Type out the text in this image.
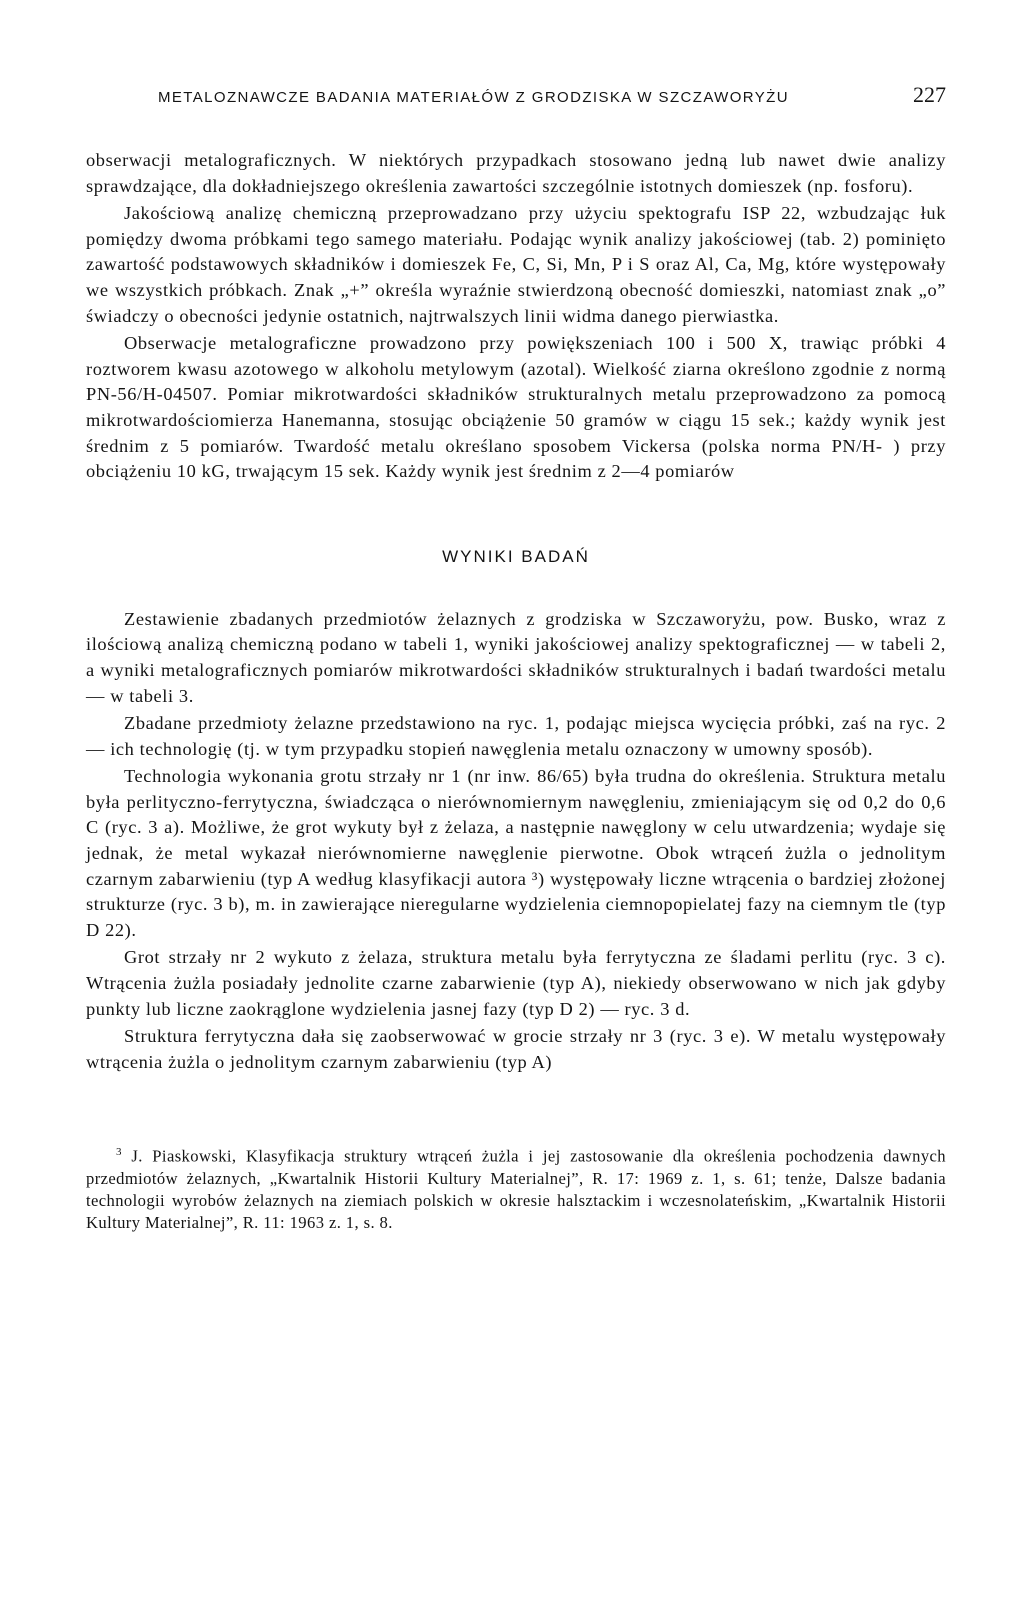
METALOZNAWCZE BADANIA MATERIAŁÓW Z GRODZISKA W SZCZAWORYŻU	227

obserwacji metalograficznych. W niektórych przypadkach stosowano jedną lub nawet dwie analizy sprawdzające, dla dokładniejszego określenia zawartości szczególnie istotnych domieszek (np. fosforu).

Jakościową analizę chemiczną przeprowadzano przy użyciu spektografu ISP 22, wzbudzając łuk pomiędzy dwoma próbkami tego samego materiału. Podając wynik analizy jakościowej (tab. 2) pominięto zawartość podstawowych składników i domieszek Fe, C, Si, Mn, P i S oraz Al, Ca, Mg, które występowały we wszystkich próbkach. Znak „+” określa wyraźnie stwierdzoną obecność domieszki, natomiast znak „o” świadczy o obecności jedynie ostatnich, najtrwalszych linii widma danego pierwiastka.

Obserwacje metalograficzne prowadzono przy powiększeniach 100 i 500 X, trawiąc próbki 4 roztworem kwasu azotowego w alkoholu metylowym (azotal). Wielkość ziarna określono zgodnie z normą PN-56/H-04507. Pomiar mikrotwardości składników strukturalnych metalu przeprowadzono za pomocą mikrotwardościomierza Hanemanna, stosując obciążenie 50 gramów w ciągu 15 sek.; każdy wynik jest średnim z 5 pomiarów. Twardość metalu określano sposobem Vickersa (polska norma PN/H- ) przy obciążeniu 10 kG, trwającym 15 sek. Każdy wynik jest średnim z 2—4 pomiarów

WYNIKI BADAŃ

Zestawienie zbadanych przedmiotów żelaznych z grodziska w Szczaworyżu, pow. Busko, wraz z ilościową analizą chemiczną podano w tabeli 1, wyniki jakościowej analizy spektograficznej — w tabeli 2, a wyniki metalograficznych pomiarów mikrotwardości składników strukturalnych i badań twardości metalu — w tabeli 3.

Zbadane przedmioty żelazne przedstawiono na ryc. 1, podając miejsca wycięcia próbki, zaś na ryc. 2 — ich technologię (tj. w tym przypadku stopień nawęglenia metalu oznaczony w umowny sposób).

Technologia wykonania grotu strzały nr 1 (nr inw. 86/65) była trudna do określenia. Struktura metalu była perlityczno-ferrytyczna, świadcząca o nierównomiernym nawęgleniu, zmieniającym się od 0,2 do 0,6 C (ryc. 3 a). Możliwe, że grot wykuty był z żelaza, a następnie nawęglony w celu utwardzenia; wydaje się jednak, że metal wykazał nierównomierne nawęglenie pierwotne. Obok wtrąceń żużla o jednolitym czarnym zabarwieniu (typ A według klasyfikacji autora ³) występowały liczne wtrącenia o bardziej złożonej strukturze (ryc. 3 b), m. in zawierające nieregularne wydzielenia ciemnopopielatej fazy na ciemnym tle (typ D 22).

Grot strzały nr 2 wykuto z żelaza, struktura metalu była ferrytyczna ze śladami perlitu (ryc. 3 c). Wtrącenia żużla posiadały jednolite czarne zabarwienie (typ A), niekiedy obserwowano w nich jak gdyby punkty lub liczne zaokrąglone wydzielenia jasnej fazy (typ D 2) — ryc. 3 d.

Struktura ferrytyczna dała się zaobserwować w grocie strzały nr 3 (ryc. 3 e). W metalu występowały wtrącenia żużla o jednolitym czarnym zabarwieniu (typ A)

$^3$ J. Piaskowski, Klasyfikacja struktury wtrąceń żużla i jej zastosowanie dla określenia pochodzenia dawnych przedmiotów żelaznych, „Kwartalnik Historii Kultury Materialnej”, R. 17: 1969 z. 1, s. 61; tenże, Dalsze badania technologii wyrobów żelaznych na ziemiach polskich w okresie halsztackim i wczesnolateńskim, „Kwartalnik Historii Kultury Materialnej”, R. 11: 1963 z. 1, s. 8.
